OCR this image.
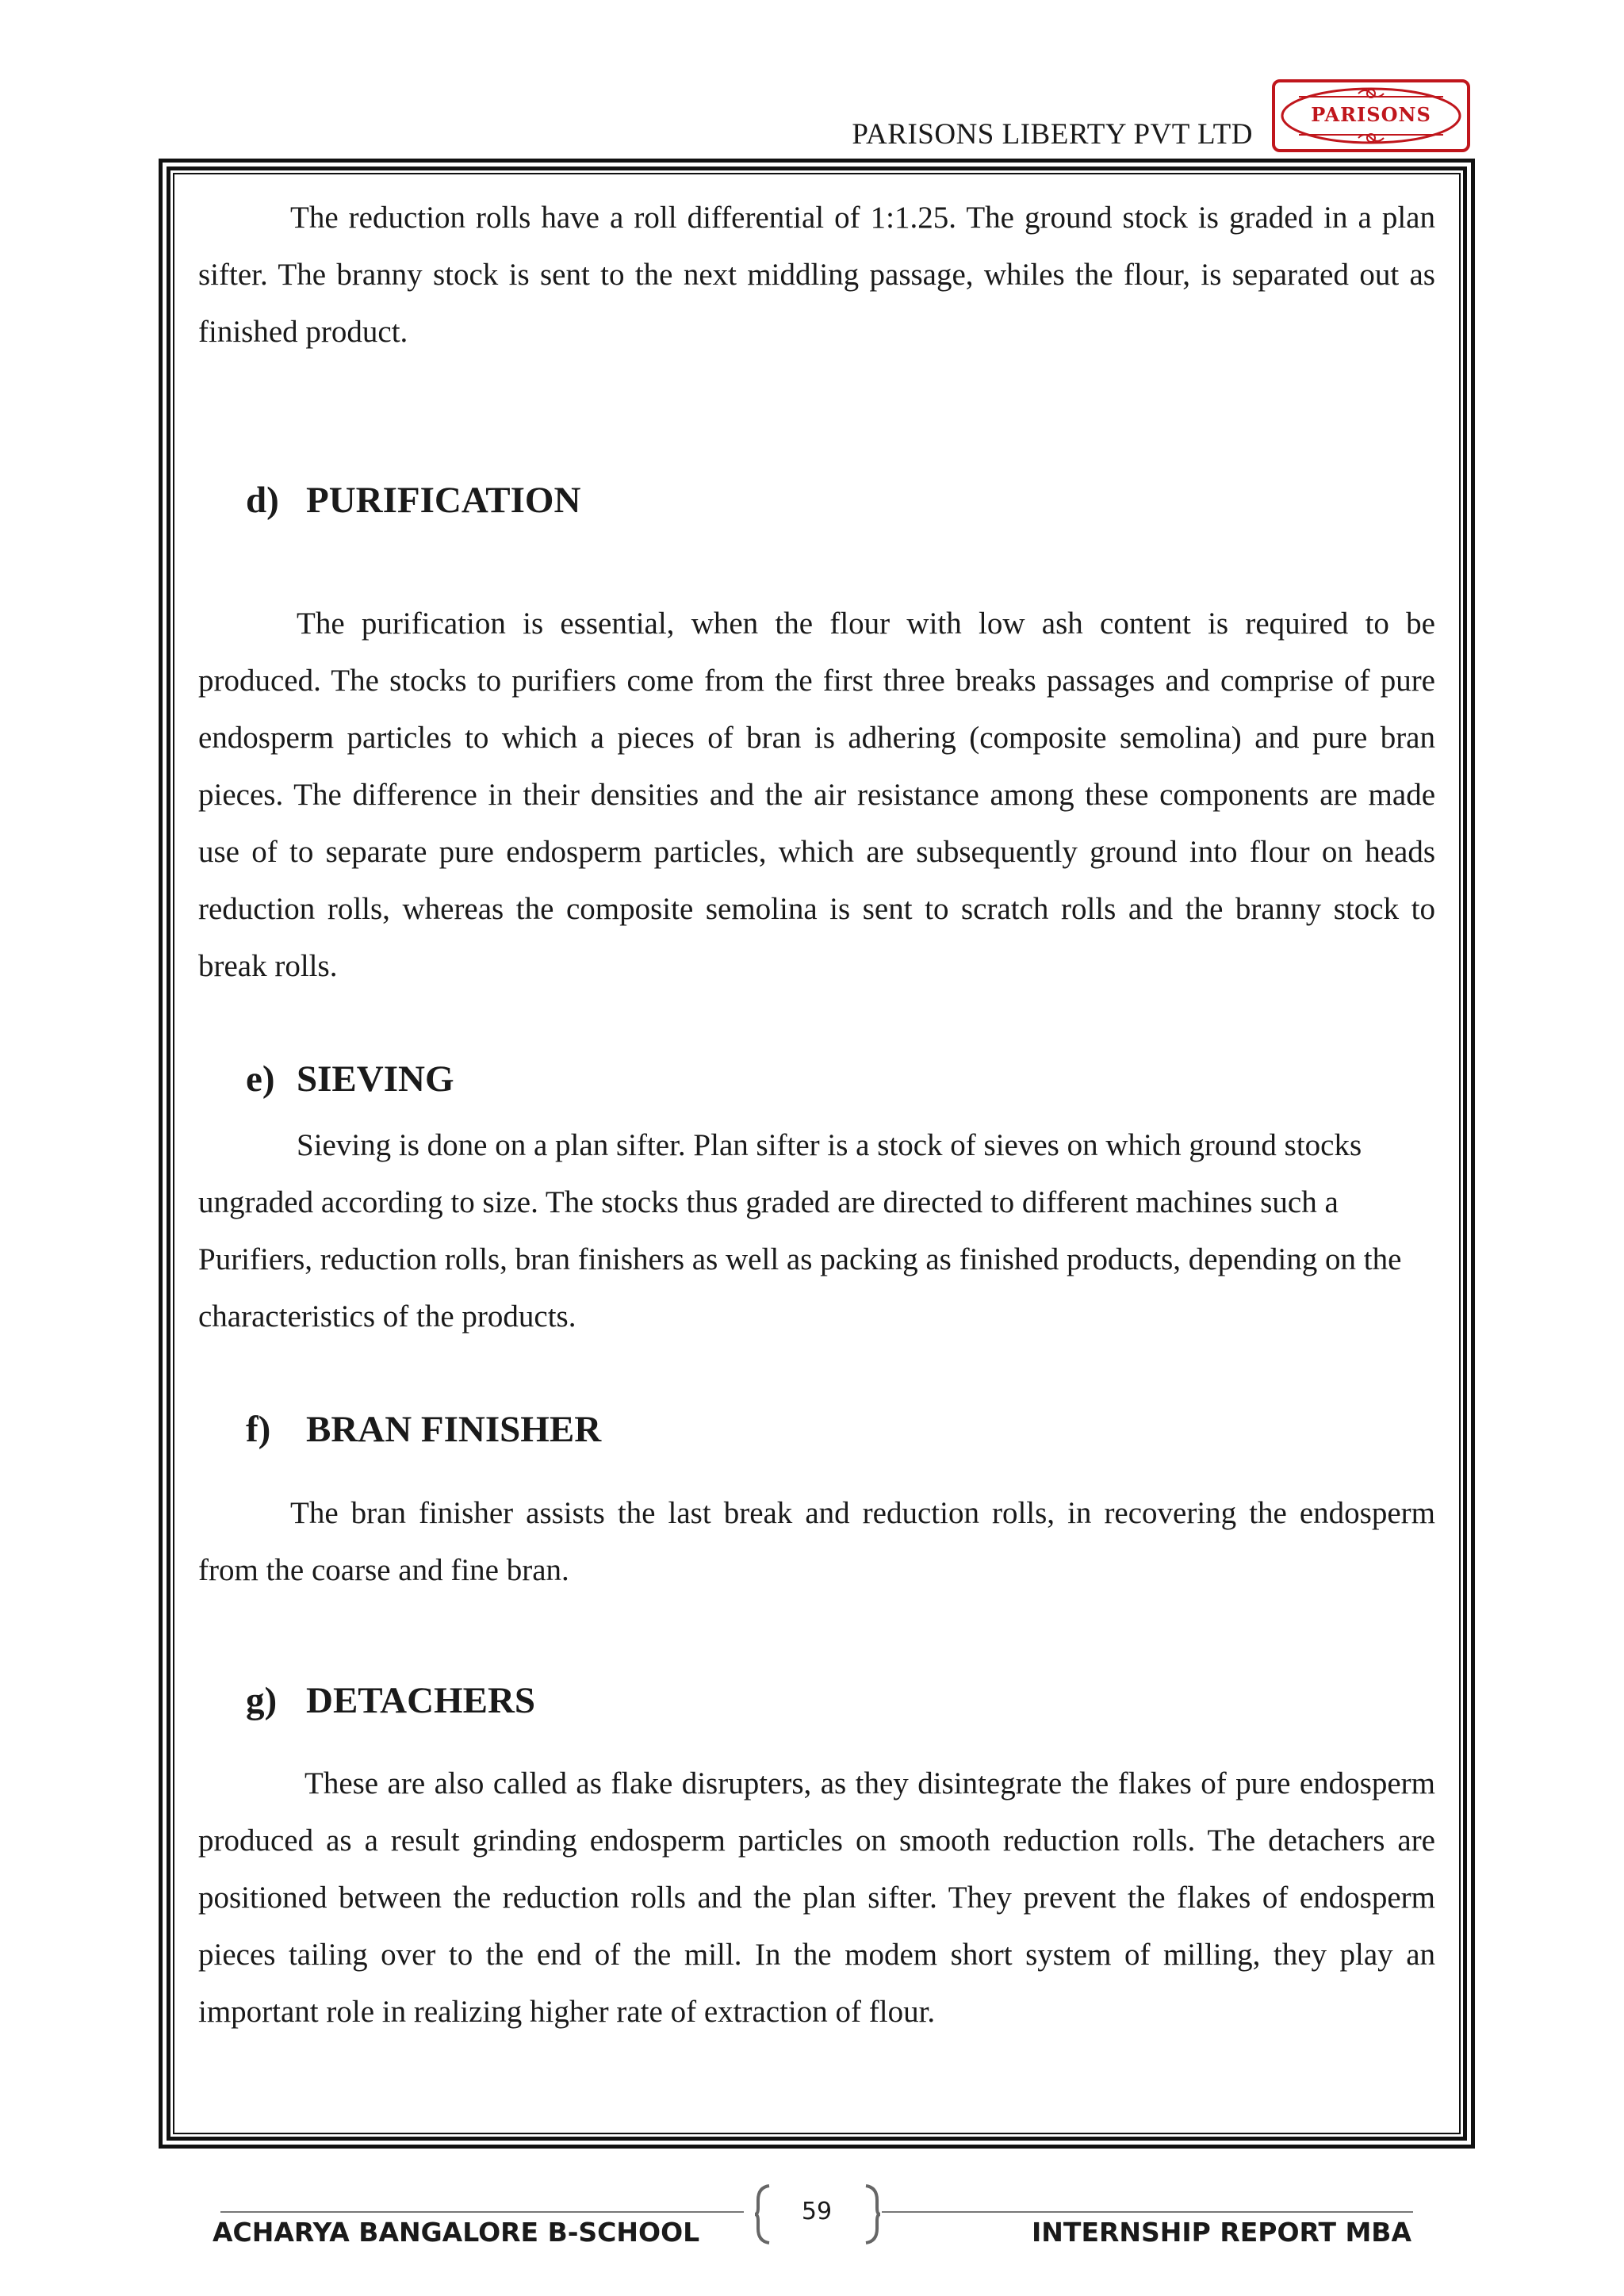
PARISONS LIBERTY PVT LTD
PARISONS
The reduction rolls have a roll differential of 1:1.25. The ground stock is graded in a plan sifter. The branny stock is sent to the next middling passage, whiles the flour, is separated out as finished product.
d) PURIFICATION
The purification is essential, when the flour with low ash content is required to be produced. The stocks to purifiers come from the first three breaks passages and comprise of pure endosperm particles to which a pieces of bran is adhering (composite semolina) and pure bran pieces. The difference in their densities and the air resistance among these components are made use of to separate pure endosperm particles, which are subsequently ground into flour on heads reduction rolls, whereas the composite semolina is sent to scratch rolls and the branny stock to break rolls.
e) SIEVING
Sieving is done on a plan sifter. Plan sifter is a stock of sieves on which ground stocks ungraded according to size. The stocks thus graded are directed to different machines such a Purifiers, reduction rolls, bran finishers as well as packing as finished products, depending on the characteristics of the products.
f) BRAN FINISHER
The bran finisher assists the last break and reduction rolls, in recovering the endosperm from the coarse and fine bran.
g) DETACHERS
These are also called as flake disrupters, as they disintegrate the flakes of pure endosperm produced as a result grinding endosperm particles on smooth reduction rolls. The detachers are positioned between the reduction rolls and the plan sifter. They prevent the flakes of endosperm pieces tailing over to the end of the mill. In the modem short system of milling, they play an important role in realizing higher rate of extraction of flour.
59
ACHARYA BANGALORE B-SCHOOL	INTERNSHIP REPORT MBA
